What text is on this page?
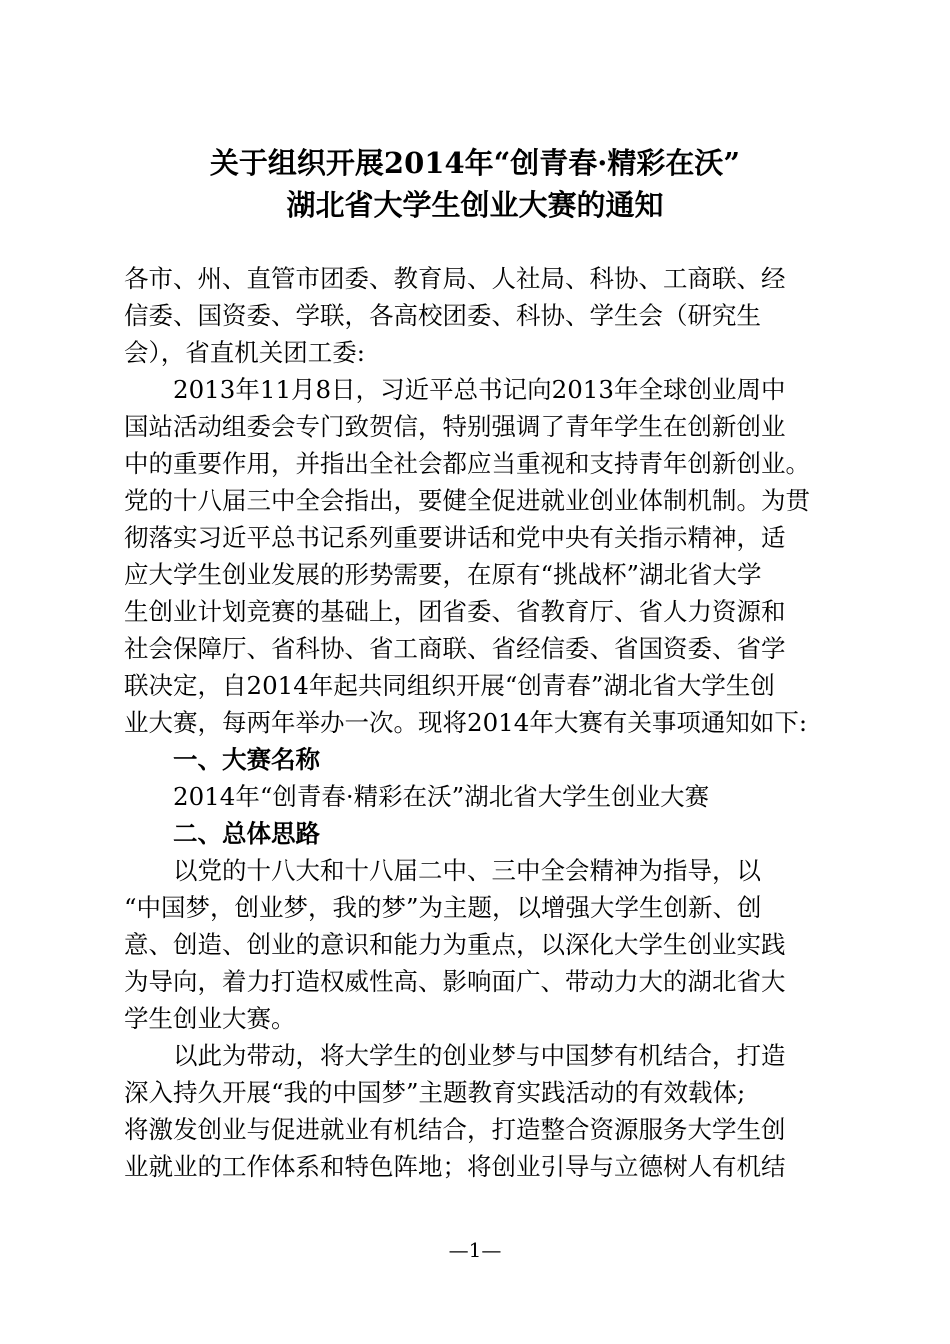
关于组织开展2014年“创青春·精彩在沃”
湖北省大学生创业大赛的通知
各市、州、直管市团委、教育局、人社局、科协、工商联、经
信委、国资委、学联，各高校团委、科协、学生会（研究生
会），省直机关团工委:
2013年11月8日，习近平总书记向2013年全球创业周中
国站活动组委会专门致贺信，特别强调了青年学生在创新创业
中的重要作用，并指出全社会都应当重视和支持青年创新创业。
党的十八届三中全会指出，要健全促进就业创业体制机制。为贯
彻落实习近平总书记系列重要讲话和党中央有关指示精神，适
应大学生创业发展的形势需要，在原有“挑战杯”湖北省大学
生创业计划竞赛的基础上，团省委、省教育厅、省人力资源和
社会保障厅、省科协、省工商联、省经信委、省国资委、省学
联决定，自2014年起共同组织开展“创青春”湖北省大学生创
业大赛，每两年举办一次。现将2014年大赛有关事项通知如下:
一、大赛名称
2014年“创青春·精彩在沃”湖北省大学生创业大赛
二、总体思路
以党的十八大和十八届二中、三中全会精神为指导，以
“中国梦，创业梦，我的梦”为主题，以增强大学生创新、创
意、创造、创业的意识和能力为重点，以深化大学生创业实践
为导向，着力打造权威性高、影响面广、带动力大的湖北省大
学生创业大赛。
以此为带动，将大学生的创业梦与中国梦有机结合，打造
深入持久开展“我的中国梦”主题教育实践活动的有效载体;
将激发创业与促进就业有机结合，打造整合资源服务大学生创
业就业的工作体系和特色阵地；将创业引导与立德树人有机结
—1—
